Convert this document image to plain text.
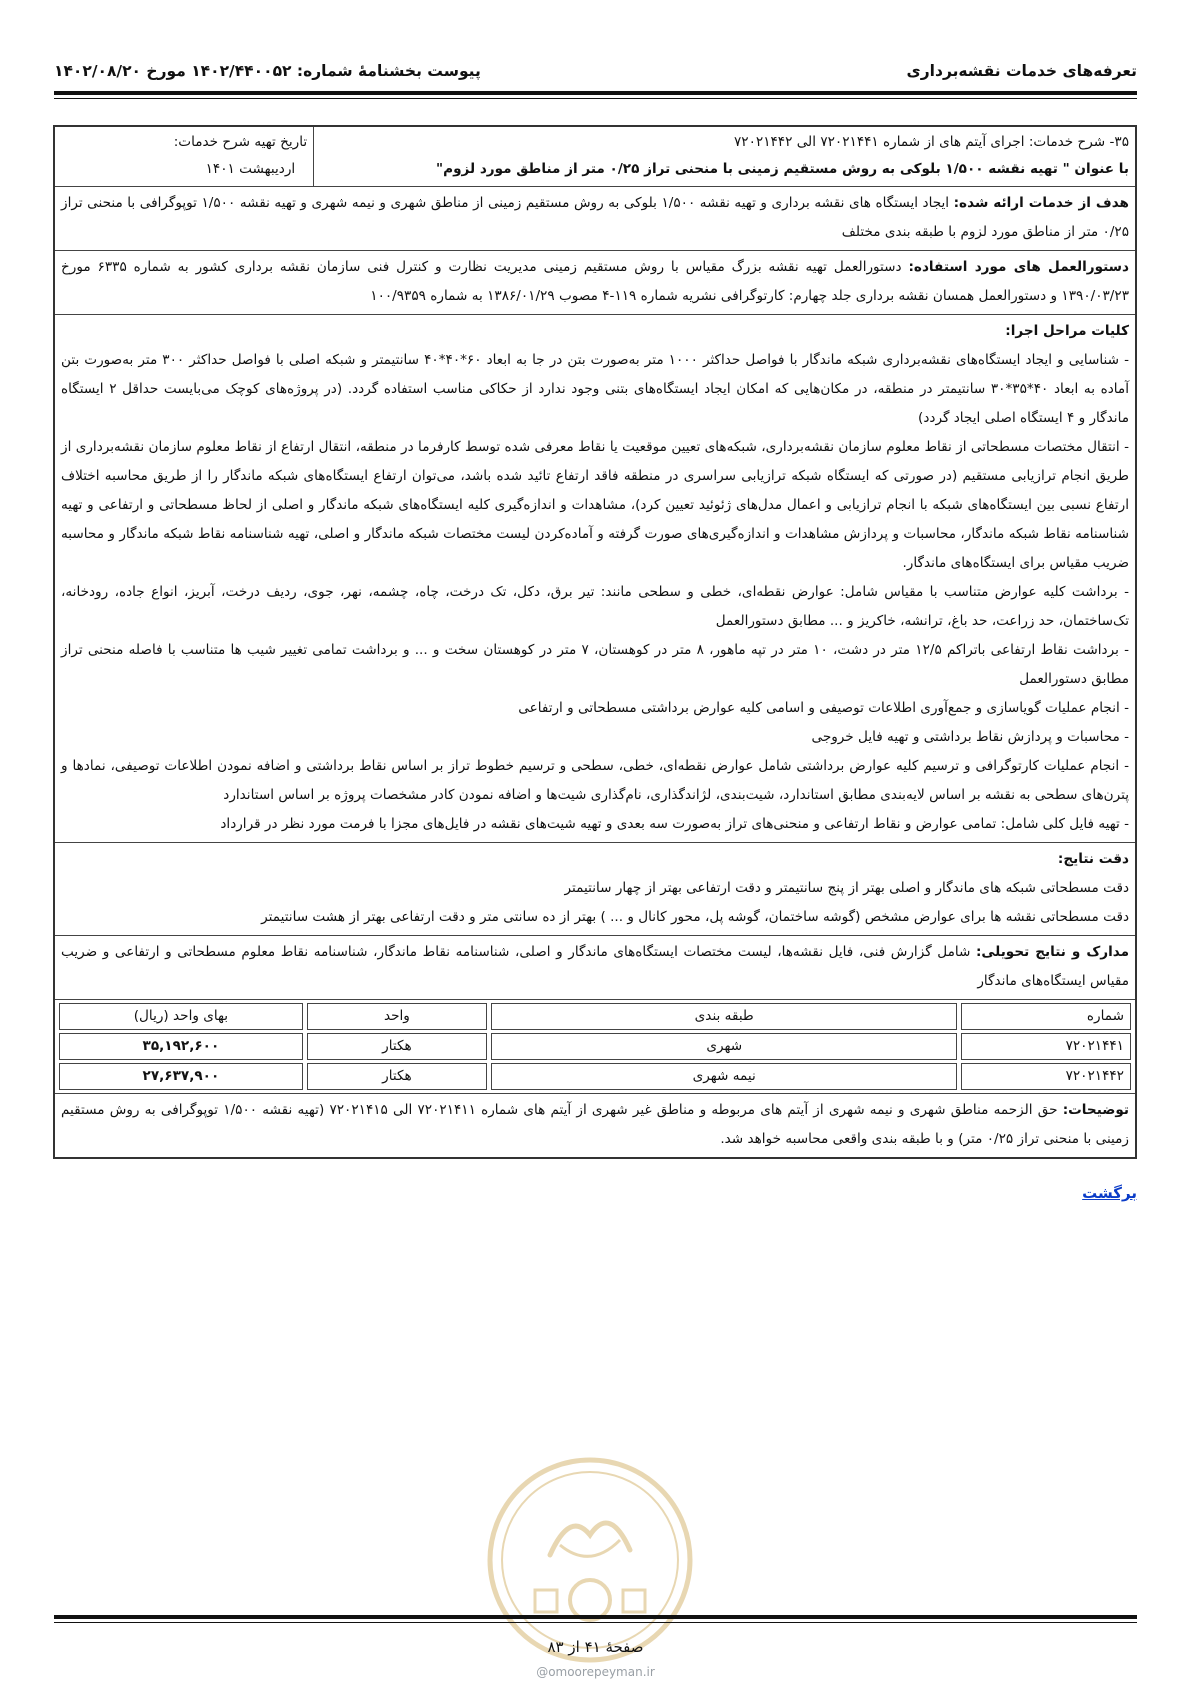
تعرفه‌های خدمات نقشه‌برداری
پیوست بخشنامهٔ شماره: ۱۴۰۲/۴۴۰۰۵۲ مورخ ۱۴۰۲/۰۸/۲۰
۳۵- شرح خدمات: اجرای آیتم های از شماره ۷۲۰۲۱۴۴۱ الی ۷۲۰۲۱۴۴۲
با عنوان " تهیه نقشه ۱/۵۰۰ بلوکی به روش مستقیم زمینی با منحنی تراز ۰/۲۵ متر از مناطق مورد لزوم"

تاریخ تهیه شرح خدمات:
اردیبهشت ۱۴۰۱

هدف از خدمات ارائه شده: ایجاد ایستگاه های نقشه برداری و تهیه نقشه ۱/۵۰۰ بلوکی به روش مستقیم زمینی از مناطق شهری و نیمه شهری و تهیه نقشه ۱/۵۰۰ توپوگرافی با منحنی تراز ۰/۲۵ متر از مناطق مورد لزوم با طبقه بندی مختلف
دستورالعمل های مورد استفاده: دستورالعمل تهیه نقشه بزرگ مقیاس با روش مستقیم زمینی مدیریت نظارت و کنترل فنی سازمان نقشه برداری کشور به شماره ۶۳۳۵ مورخ ۱۳۹۰/۰۳/۲۳ و دستورالعمل همسان نقشه برداری جلد چهارم: کارتوگرافی نشریه شماره ۱۱۹-۴ مصوب ۱۳۸۶/۰۱/۲۹ به شماره ۱۰۰/۹۳۵۹

کلیات مراحل اجرا:
- شناسایی و ایجاد ایستگاه‌های نقشه‌برداری شبکه ماندگار با فواصل حداکثر ۱۰۰۰ متر به‌صورت بتن در جا به ابعاد ۶۰*۴۰*۴۰ سانتیمتر و شبکه اصلی با فواصل حداکثر ۳۰۰ متر به‌صورت بتن آماده به ابعاد ۴۰*۳۵*۳۰ سانتیمتر در منطقه، در مکان‌هایی که امکان ایجاد ایستگاه‌های بتنی وجود ندارد از حکاکی مناسب استفاده گردد. (در پروژه‌های کوچک می‌بایست حداقل ۲ ایستگاه ماندگار و ۴ ایستگاه اصلی ایجاد گردد)
- انتقال مختصات مسطحاتی از نقاط معلوم سازمان نقشه‌برداری، شبکه‌های تعیین موقعیت یا نقاط معرفی شده توسط کارفرما در منطقه، انتقال ارتفاع از نقاط معلوم سازمان نقشه‌برداری از طریق انجام ترازیابی مستقیم (در صورتی که ایستگاه شبکه ترازیابی سراسری در منطقه فاقد ارتفاع تائید شده باشد، می‌توان ارتفاع ایستگاه‌های شبکه ماندگار را از طریق محاسبه اختلاف ارتفاع نسبی بین ایستگاه‌های شبکه با انجام ترازیابی و اعمال مدل‌های ژئوئید تعیین کرد)، مشاهدات و اندازه‌گیری کلیه ایستگاه‌های شبکه ماندگار و اصلی از لحاظ مسطحاتی و ارتفاعی و تهیه شناسنامه نقاط شبکه ماندگار، محاسبات و پردازش مشاهدات و اندازه‌گیری‌های صورت گرفته و آماده‌کردن لیست مختصات شبکه ماندگار و اصلی، تهیه شناسنامه نقاط شبکه ماندگار و محاسبه ضریب مقیاس برای ایستگاه‌های ماندگار.
- برداشت کلیه عوارض متناسب با مقیاس شامل: عوارض نقطه‌ای، خطی و سطحی مانند: تیر برق، دکل، تک درخت، چاه، چشمه، نهر، جوی، ردیف درخت، آبریز، انواع جاده، رودخانه، تک‌ساختمان، حد زراعت، حد باغ، ترانشه، خاکریز و ... مطابق دستورالعمل
- برداشت نقاط ارتفاعی باتراکم ۱۲/۵ متر در دشت، ۱۰ متر در تپه ماهور، ۸ متر در کوهستان، ۷ متر در کوهستان سخت و ... و برداشت تمامی تغییر شیب ها متناسب با فاصله منحنی تراز مطابق دستورالعمل
- انجام عملیات گویاسازی و جمع‌آوری اطلاعات توصیفی و اسامی کلیه عوارض برداشتی مسطحاتی و ارتفاعی
- محاسبات و پردازش نقاط برداشتی و تهیه فایل خروجی
- انجام عملیات کارتوگرافی و ترسیم کلیه عوارض برداشتی شامل عوارض نقطه‌ای، خطی، سطحی و ترسیم خطوط تراز بر اساس نقاط برداشتی و اضافه نمودن اطلاعات توصیفی، نمادها و پترن‌های سطحی به نقشه بر اساس لایه‌بندی مطابق استاندارد، شیت‌بندی، لژاندگذاری، نام‌گذاری شیت‌ها و اضافه نمودن کادر مشخصات پروژه بر اساس استاندارد
- تهیه فایل کلی شامل: تمامی عوارض و نقاط ارتفاعی و منحنی‌های تراز به‌صورت سه بعدی و تهیه شیت‌های نقشه در فایل‌های مجزا با فرمت مورد نظر در قرارداد

دقت نتایج:
دقت مسطحاتی شبکه های ماندگار و اصلی بهتر از پنج سانتیمتر و دقت ارتفاعی بهتر از چهار سانتیمتر
دقت مسطحاتی نقشه ها برای عوارض مشخص (گوشه ساختمان، گوشه پل، محور کانال و ... ) بهتر از ده سانتی متر و دقت ارتفاعی بهتر از هشت سانتیمتر

مدارک و نتایج تحویلی: شامل گزارش فنی، فایل نقشه‌ها، لیست مختصات ایستگاه‌های ماندگار و اصلی، شناسنامه نقاط ماندگار، شناسنامه نقاط معلوم مسطحاتی و ارتفاعی و ضریب مقیاس ایستگاه‌های ماندگار

شماره	طبقه بندی	واحد	بهای واحد (ریال)
۷۲۰۲۱۴۴۱	شهری	هکتار	۳۵,۱۹۲,۶۰۰
۷۲۰۲۱۴۴۲	نیمه شهری	هکتار	۲۷,۶۳۷,۹۰۰

توضیحات: حق الزحمه مناطق شهری و نیمه شهری از آیتم های مربوطه و مناطق غیر شهری از آیتم های شماره ۷۲۰۲۱۴۱۱ الی ۷۲۰۲۱۴۱۵ (تهیه نقشه ۱/۵۰۰ توپوگرافی به روش مستقیم زمینی با منحنی تراز ۰/۲۵ متر) و با طبقه بندی واقعی محاسبه خواهد شد.
برگشت
صفحهٔ ۴۱ از ۸۳
@omoorepeyman.ir
